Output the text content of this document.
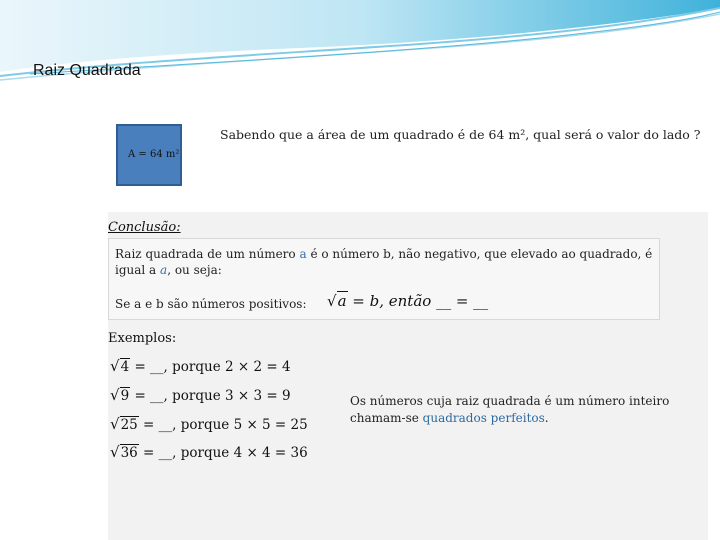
Raiz Quadrada
A = 64 m²
Sabendo que a área de um quadrado é de 64 m², qual será o valor do lado ?
Conclusão:
Raiz quadrada de um número a é o número b, não negativo, que elevado ao quadrado, é igual a a, ou seja:
Se a e b são números positivos: √a = b, então __ = __
Exemplos:
√4 = __, porque 2 × 2 = 4
√9 = __, porque 3 × 3 = 9
√25 = __, porque 5 × 5 = 25
√36 = __, porque 4 × 4 = 36
Os números cuja raiz quadrada é um número inteiro chamam-se quadrados perfeitos.
